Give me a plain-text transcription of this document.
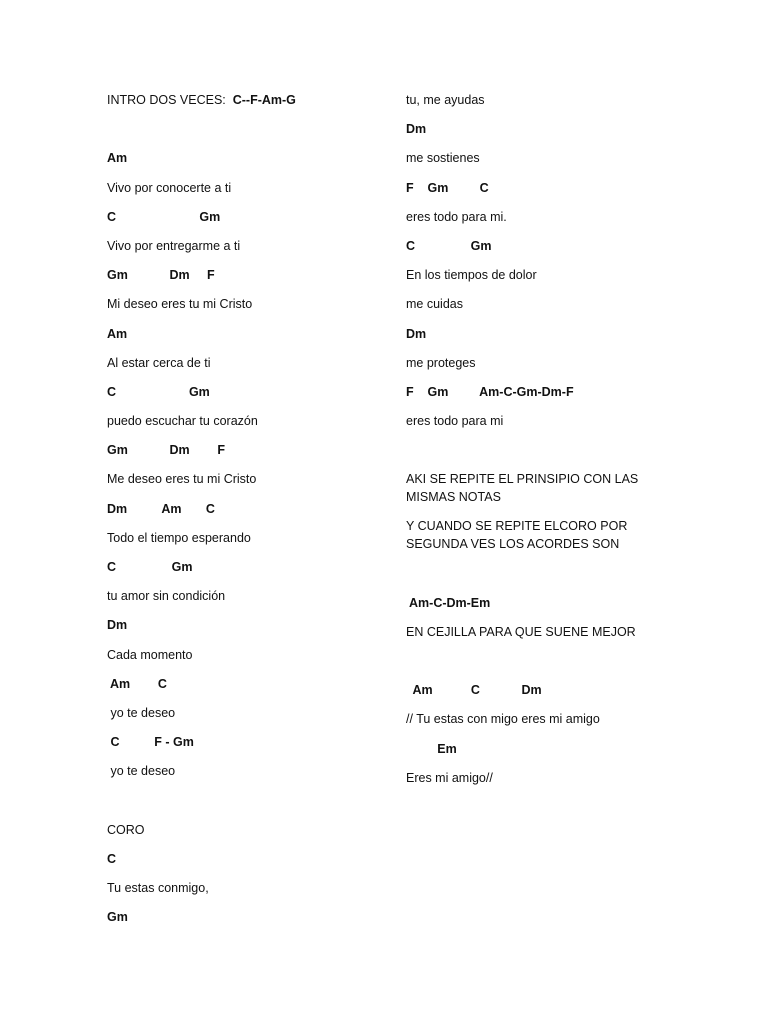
INTRO DOS VECES:  C--F-Am-G
Am
Vivo por conocerte a ti
C                        Gm
Vivo por entregarme a ti
Gm            Dm     F
Mi deseo eres tu mi Cristo
Am
Al estar cerca de ti
C                     Gm
puedo escuchar tu corazón
Gm            Dm        F
Me deseo eres tu mi Cristo
Dm          Am       C
Todo el tiempo esperando
C                Gm
tu amor sin condición
Dm
Cada momento
Am        C
yo te deseo
C          F - Gm
yo te deseo
CORO
C
Tu estas conmigo,
Gm
tu, me ayudas
Dm
me sostienes
F    Gm         C
eres todo para mi.
C                Gm
En los tiempos de dolor
me cuidas
Dm
me proteges
F    Gm         Am-C-Gm-Dm-F
eres todo para mi
AKI SE REPITE EL PRINSIPIO CON LAS MISMAS NOTAS
Y CUANDO SE REPITE ELCORO POR SEGUNDA VES LOS ACORDES SON
Am-C-Dm-Em
EN CEJILLA PARA QUE SUENE MEJOR
Am           C            Dm
// Tu estas con migo eres mi amigo
Em
Eres mi amigo//
